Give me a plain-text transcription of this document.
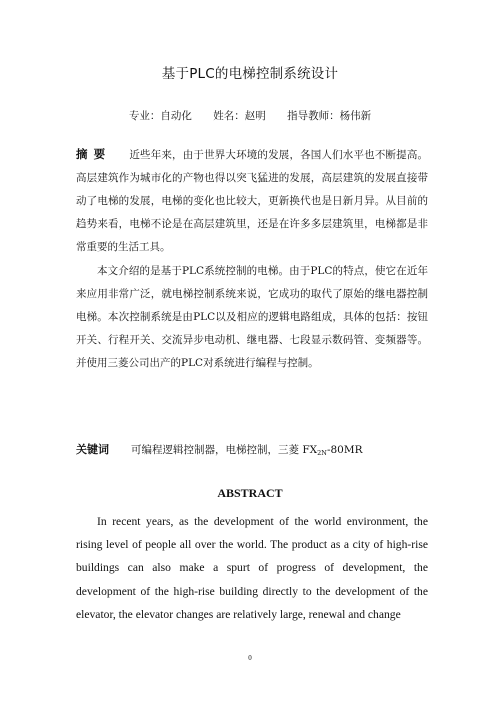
基于PLC的电梯控制系统设计
专业：自动化 姓名：赵明 指导教师：杨伟新

摘要 近些年来，由于世界大环境的发展，各国人们水平也不断提高。高层建筑作为城市化的产物也得以突飞猛进的发展，高层建筑的发展直接带动了电梯的发展，电梯的变化也比较大，更新换代也是日新月异。从目前的趋势来看，电梯不论是在高层建筑里，还是在许多多层建筑里，电梯都是非常重要的生活工具。

本文介绍的是基于PLC系统控制的电梯。由于PLC的特点，使它在近年来应用非常广泛，就电梯控制系统来说，它成功的取代了原始的继电器控制电梯。本次控制系统是由PLC以及相应的逻辑电路组成，具体的包括：按钮开关、行程开关、交流异步电动机、继电器、七段显示数码管、变频器等。并使用三菱公司出产的PLC对系统进行编程与控制。

关键词 可编程逻辑控制器，电梯控制，三菱 $FX_{2N}-80MR$
ABSTRACT

In recent years, as the development of the world environment, the rising level of people all over the world. The product as a city of high-rise buildings can also make a spurt of progress of development, the development of the high-rise building directly to the development of the elevator, the elevator changes are relatively large, renewal and change

0
